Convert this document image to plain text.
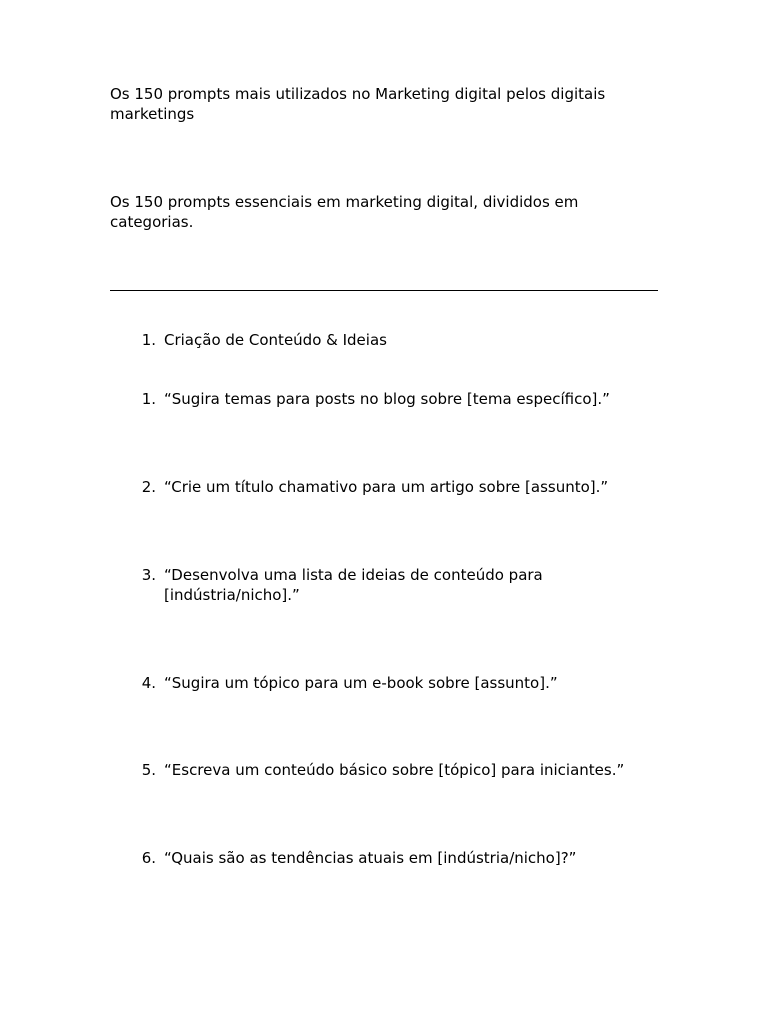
Os 150 prompts mais utilizados no Marketing digital pelos digitais marketings

Os 150 prompts essenciais em marketing digital, divididos em categorias.

1. Criação de Conteúdo & Ideias
1. “Sugira temas para posts no blog sobre [tema específico].”
2. “Crie um título chamativo para um artigo sobre [assunto].”
3. “Desenvolva uma lista de ideias de conteúdo para [indústria/nicho].”
4. “Sugira um tópico para um e-book sobre [assunto].”
5. “Escreva um conteúdo básico sobre [tópico] para iniciantes.”
6. “Quais são as tendências atuais em [indústria/nicho]?”
